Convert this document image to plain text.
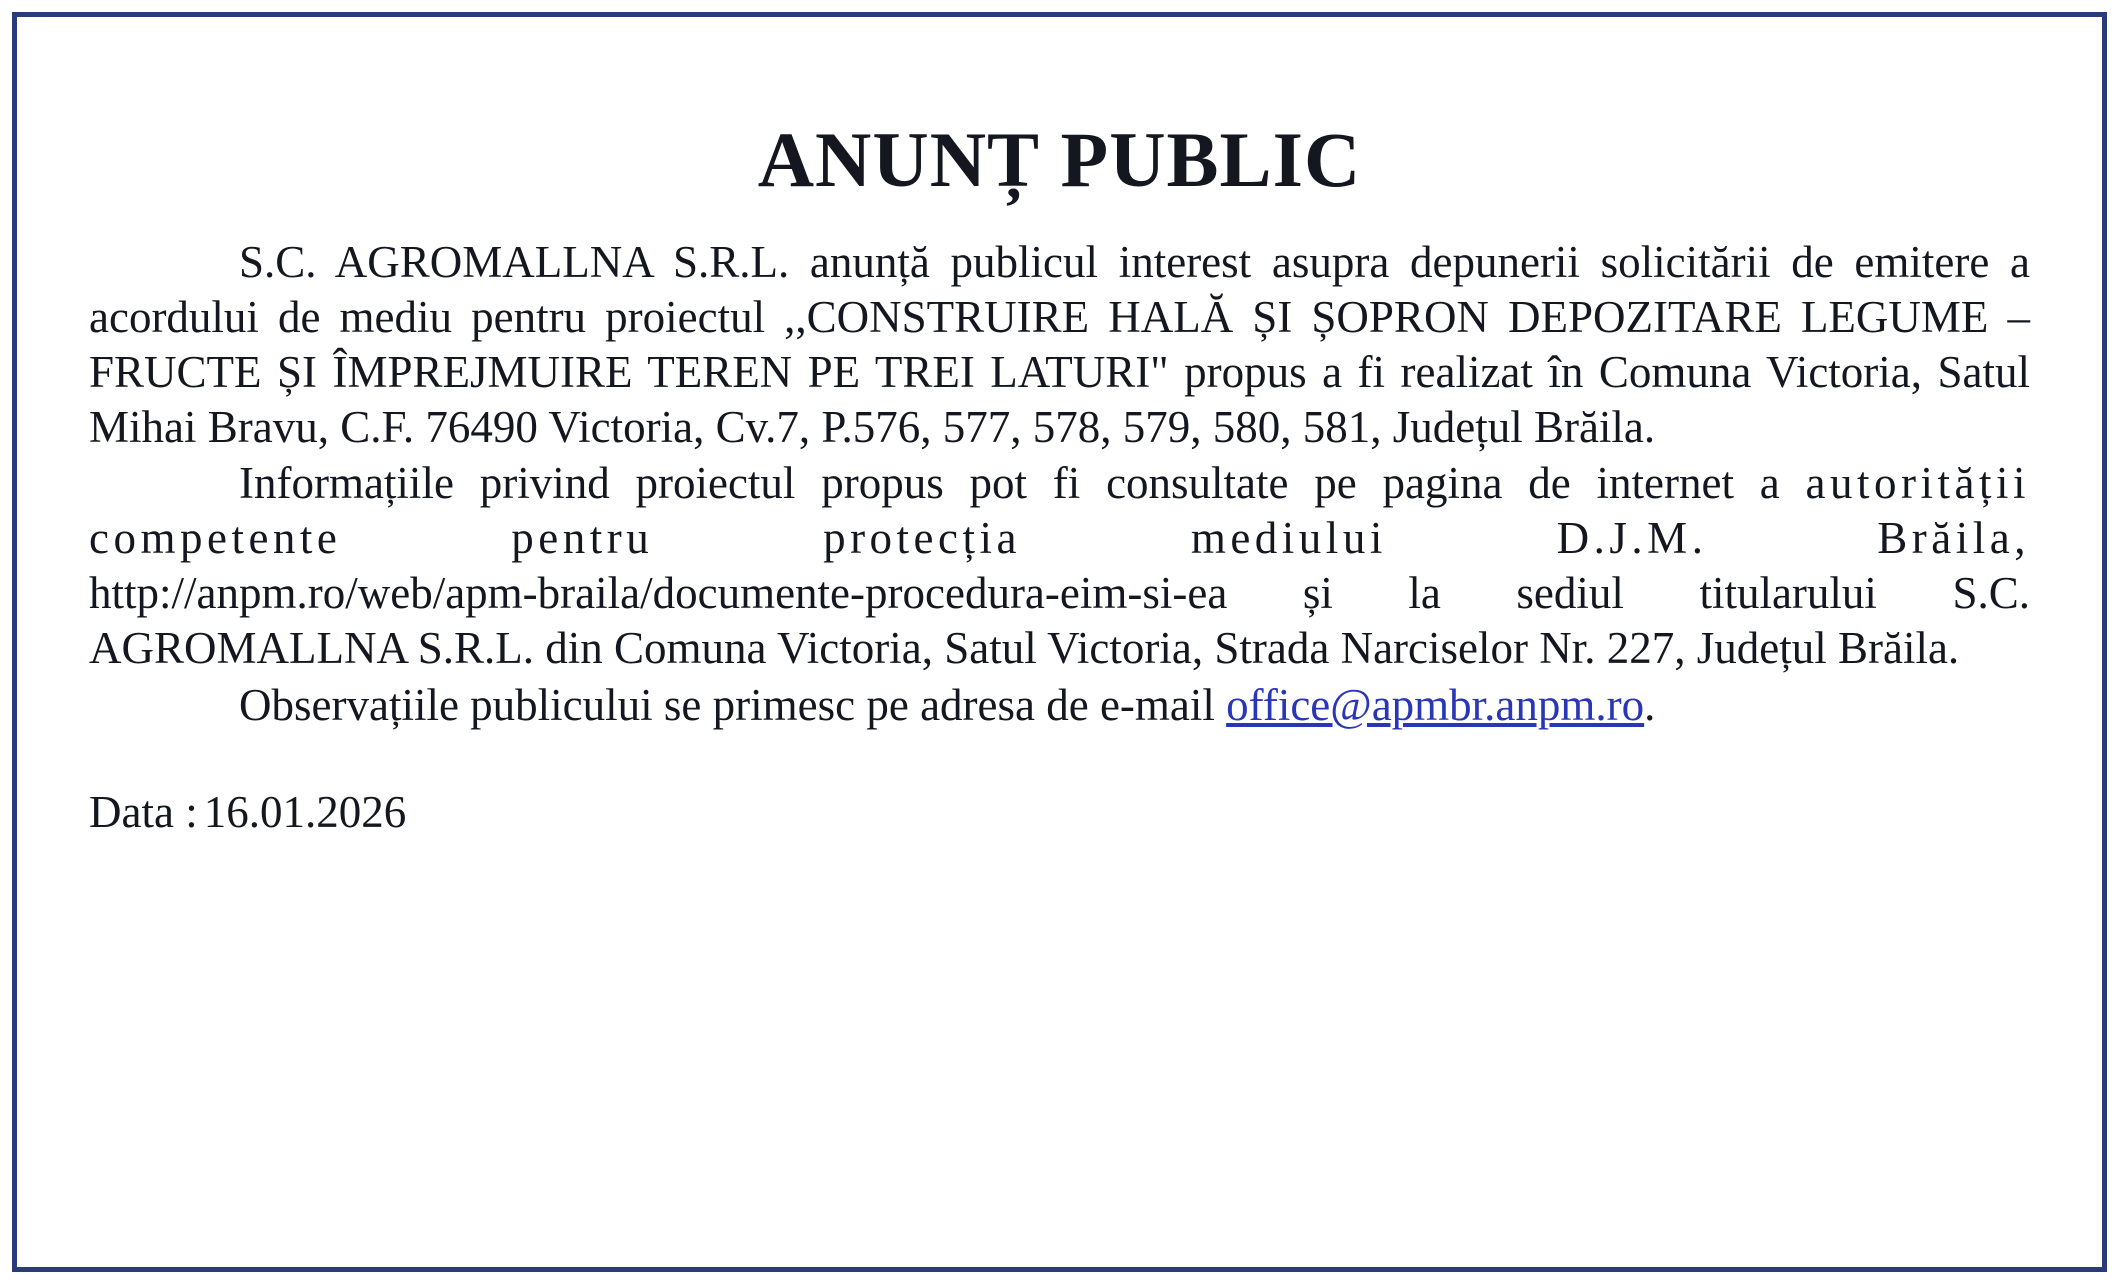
ANUNȚ PUBLIC

S.C. AGROMALLNA S.R.L. anunță publicul interest asupra depunerii solicitării de emitere a acordului de mediu pentru proiectul ,,CONSTRUIRE HALĂ ȘI ȘOPRON DEPOZITARE LEGUME – FRUCTE ȘI ÎMPREJMUIRE TEREN PE TREI LATURI" propus a fi realizat în Comuna Victoria, Satul Mihai Bravu, C.F. 76490 Victoria, Cv.7, P.576, 577, 578, 579, 580, 581, Județul Brăila.

Informațiile privind proiectul propus pot fi consultate pe pagina de internet a autorității competente pentru protecția mediului D.J.M. Brăila, http://anpm.ro/web/apm-braila/documente-procedura-eim-si-ea și la sediul titularului S.C. AGROMALLNA S.R.L. din Comuna Victoria, Satul Victoria, Strada Narciselor Nr. 227, Județul Brăila.

Observațiile publicului se primesc pe adresa de e-mail office@apmbr.anpm.ro.

Data : 16.01.2026
